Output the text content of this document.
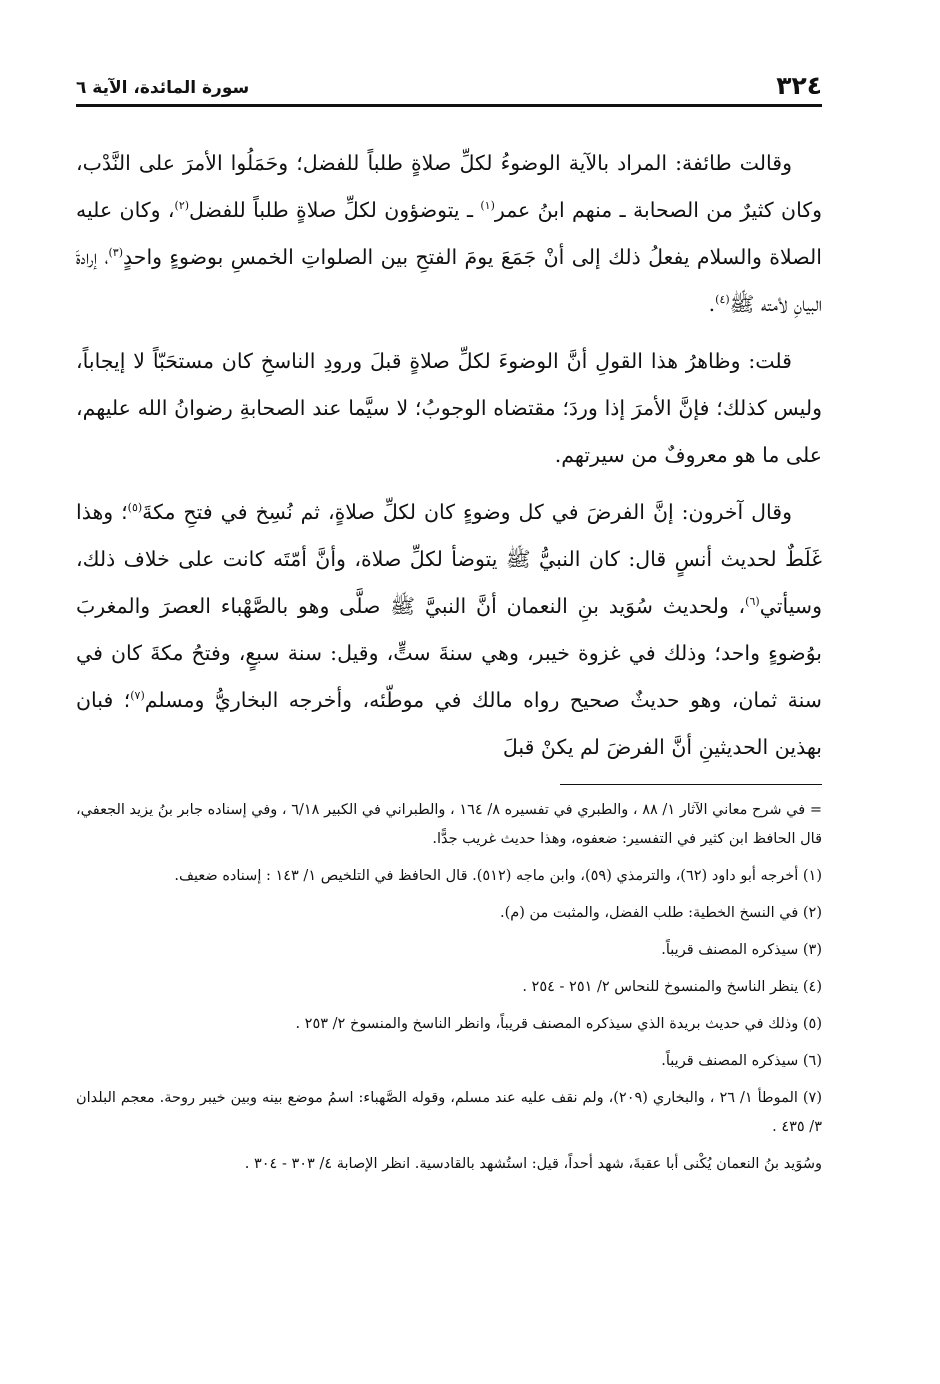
٣٢٤
سورة المائدة، الآية ٦

وقالت طائفة: المراد بالآية الوضوءُ لكلِّ صلاةٍ طلباً للفضل؛ وحَمَلُوا الأمرَ على النَّدْب، وكان كثيرٌ من الصحابة ـ منهم ابنُ عمر$^{(١)}$ ـ يتوضؤون لكلِّ صلاةٍ طلباً للفضل$^{(٢)}$، وكان عليه الصلاة والسلام يفعلُ ذلك إلى أنْ جَمَعَ يومَ الفتحِ بين الصلواتِ الخمسِ بوضوءٍ واحدٍ$^{(٣)}$، إرادةَ البيانِ لأمته ﷺ$^{(٤)}$.

قلت: وظاهرُ هذا القولِ أنَّ الوضوءَ لكلِّ صلاةٍ قبلَ ورودِ الناسخِ كان مستحَبّاً لا إيجاباً، وليس كذلك؛ فإنَّ الأمرَ إذا وردَ؛ مقتضاه الوجوبُ؛ لا سيَّما عند الصحابةِ رضوانُ الله عليهم، على ما هو معروفٌ من سيرتهم.

وقال آخرون: إنَّ الفرضَ في كل وضوءٍ كان لكلِّ صلاةٍ، ثم نُسِخ في فتحِ مكةَ$^{(٥)}$؛ وهذا غَلَطٌ لحديث أنسٍ قال: كان النبيُّ ﷺ يتوضأ لكلِّ صلاة، وأنَّ أمّتَه كانت على خلاف ذلك، وسيأتي$^{(٦)}$، ولحديث سُوَيد بنِ النعمان أنَّ النبيَّ ﷺ صلَّى وهو بالصَّهْباء العصرَ والمغربَ بوُضوءٍ واحد؛ وذلك في غزوة خيبر، وهي سنةَ ستٍّ، وقيل: سنة سبعٍ، وفتحُ مكةَ كان في سنة ثمان، وهو حديثٌ صحيح رواه مالك في موطّئه، وأخرجه البخاريُّ ومسلم$^{(٧)}$؛ فبان بهذين الحديثينِ أنَّ الفرضَ لم يكنْ قبلَ

= في شرح معاني الآثار ١/ ٨٨ ، والطبري في تفسيره ٨/ ١٦٤ ، والطبراني في الكبير ٦/١٨ ، وفي إسناده جابر بنُ يزيد الجعفي، قال الحافظ ابن كثير في التفسير: ضعفوه، وهذا حديث غريب جدًّا.

(١) أخرجه أبو داود (٦٢)، والترمذي (٥٩)، وابن ماجه (٥١٢). قال الحافظ في التلخيص ١/ ١٤٣ : إسناده ضعيف.

(٢) في النسخ الخطية: طلب الفضل، والمثبت من (م).

(٣) سيذكره المصنف قريباً.

(٤) ينظر الناسخ والمنسوخ للنحاس ٢/ ٢٥١ - ٢٥٤ .

(٥) وذلك في حديث بريدة الذي سيذكره المصنف قريباً، وانظر الناسخ والمنسوخ ٢/ ٢٥٣ .

(٦) سيذكره المصنف قريباً.

(٧) الموطأ ١/ ٢٦ ، والبخاري (٢٠٩)، ولم نقف عليه عند مسلم، وقوله الصَّهباء: اسمُ موضع بينه وبين خيبر روحة. معجم البلدان ٣/ ٤٣٥ .

وسُوَيد بنُ النعمان يُكْنى أبا عقبةَ، شهد أحداً، قيل: استُشهد بالقادسية. انظر الإصابة ٤/ ٣٠٣ - ٣٠٤ .
